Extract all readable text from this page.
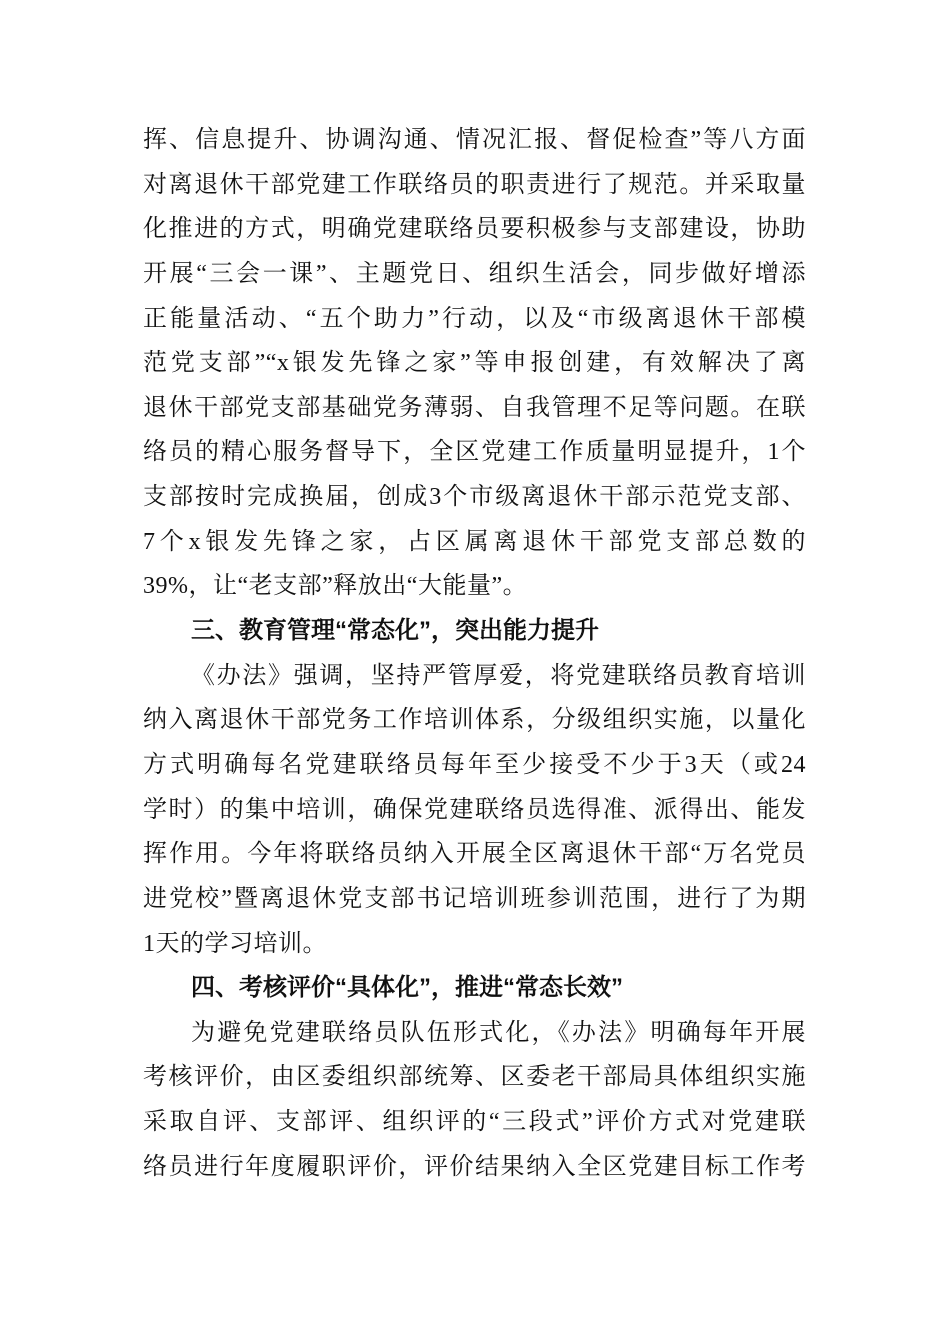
挥、信息提升、协调沟通、情况汇报、督促检查”等八方面
对离退休干部党建工作联络员的职责进行了规范。并采取量
化推进的方式，明确党建联络员要积极参与支部建设，协助
开展“三会一课”、主题党日、组织生活会，同步做好增添
正能量活动、“五个助力”行动，以及“市级离退休干部模
范党支部”“x银发先锋之家”等申报创建，有效解决了离
退休干部党支部基础党务薄弱、自我管理不足等问题。在联
络员的精心服务督导下，全区党建工作质量明显提升，1个
支部按时完成换届，创成3个市级离退休干部示范党支部、
7个x银发先锋之家，占区属离退休干部党支部总数的
39%，让“老支部”释放出“大能量”。
三、教育管理“常态化”，突出能力提升
《办法》强调，坚持严管厚爱，将党建联络员教育培训
纳入离退休干部党务工作培训体系，分级组织实施，以量化
方式明确每名党建联络员每年至少接受不少于3天（或24
学时）的集中培训，确保党建联络员选得准、派得出、能发
挥作用。今年将联络员纳入开展全区离退休干部“万名党员
进党校”暨离退休党支部书记培训班参训范围，进行了为期
1天的学习培训。
四、考核评价“具体化”，推进“常态长效”
为避免党建联络员队伍形式化，《办法》明确每年开展
考核评价，由区委组织部统筹、区委老干部局具体组织实施
采取自评、支部评、组织评的“三段式”评价方式对党建联
络员进行年度履职评价，评价结果纳入全区党建目标工作考
